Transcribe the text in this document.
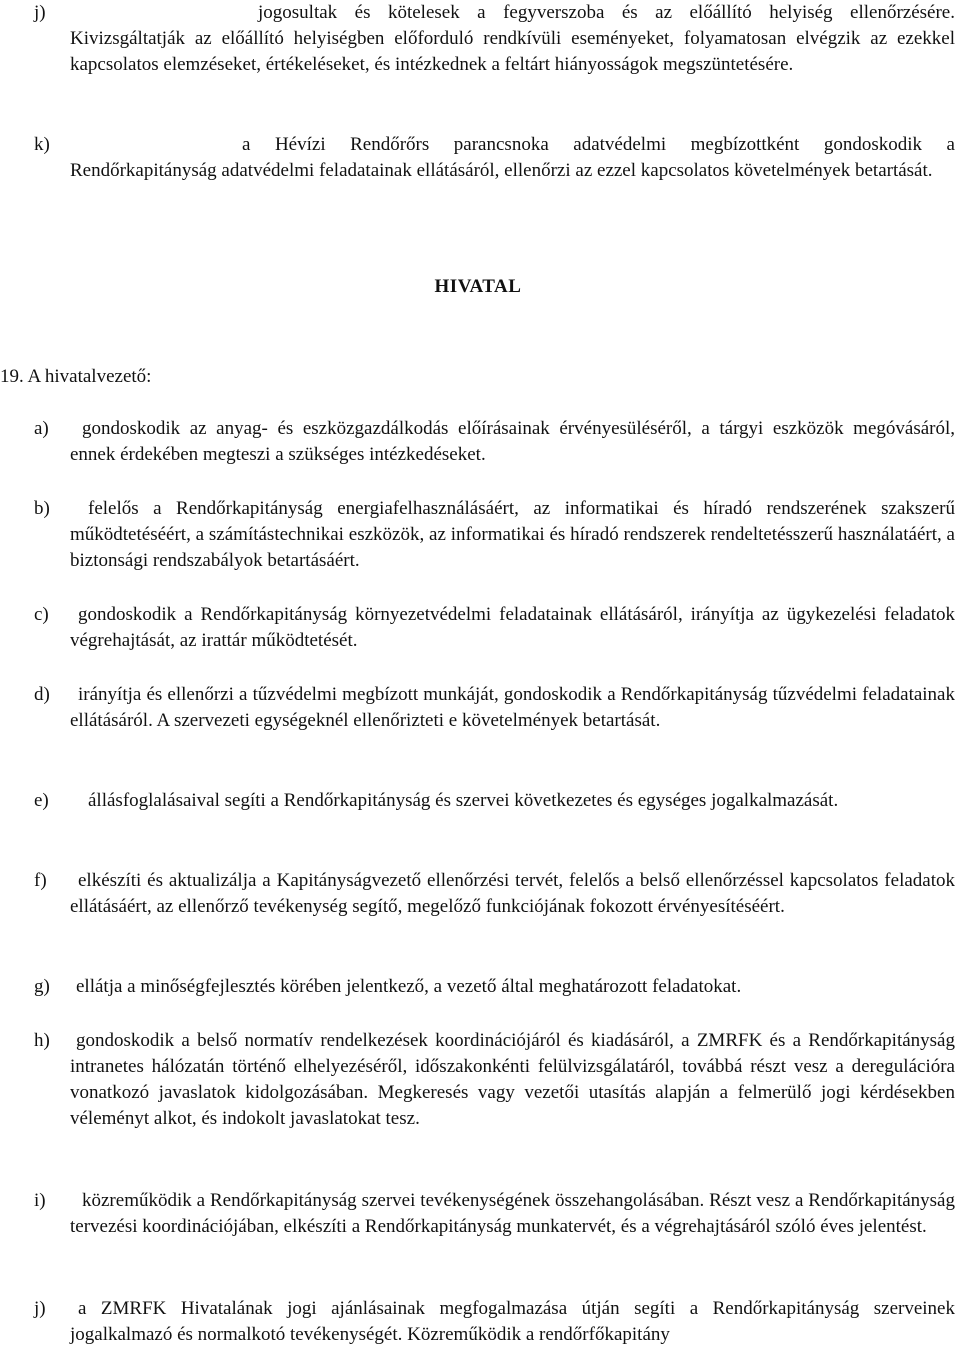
j)	jogosultak és kötelesek a fegyverszoba és az előállító helyiség ellenőrzésére. Kivizsgáltatják az előállító helyiségben előforduló rendkívüli eseményeket, folyamatosan elvégzik az ezekkel kapcsolatos elemzéseket, értékeléseket, és intézkednek a feltárt hiányosságok megszüntetésére.

k)	a Hévízi Rendőrőrs parancsnoka adatvédelmi megbízottként gondoskodik a Rendőrkapitányság adatvédelmi feladatainak ellátásáról, ellenőrzi az ezzel kapcsolatos követelmények betartását.

HIVATAL
19. A hivatalvezető:
a)	gondoskodik az anyag- és eszközgazdálkodás előírásainak érvényesüléséről, a tárgyi eszközök megóvásáról, ennek érdekében megteszi a szükséges intézkedéseket.

b)	felelős a Rendőrkapitányság energiafelhasználásáért, az informatikai és híradó rendszerének szakszerű működtetéséért, a számítástechnikai eszközök, az informatikai és híradó rendszerek rendeltetésszerű használatáért, a biztonsági rendszabályok betartásáért.

c)	gondoskodik a Rendőrkapitányság környezetvédelmi feladatainak ellátásáról, irányítja az ügykezelési feladatok végrehajtását, az irattár működtetését.

d)	irányítja és ellenőrzi a tűzvédelmi megbízott munkáját, gondoskodik a Rendőrkapitányság tűzvédelmi feladatainak ellátásáról. A szervezeti egységeknél ellenőrizteti e követelmények betartását.

e)	állásfoglalásaival segíti a Rendőrkapitányság és szervei következetes és egységes jogalkalmazását.

f)	elkészíti és aktualizálja a Kapitányságvezető ellenőrzési tervét, felelős a belső ellenőrzéssel kapcsolatos feladatok ellátásáért, az ellenőrző tevékenység segítő, megelőző funkciójának fokozott érvényesítéséért.

g)	ellátja a minőségfejlesztés körében jelentkező, a vezető által meghatározott feladatokat.

h)	gondoskodik a belső normatív rendelkezések koordinációjáról és kiadásáról, a ZMRFK és a Rendőrkapitányság intranetes hálózatán történő elhelyezéséről, időszakonkénti felülvizsgálatáról, továbbá részt vesz a deregulációra vonatkozó javaslatok kidolgozásában. Megkeresés vagy vezetői utasítás alapján a felmerülő jogi kérdésekben véleményt alkot, és indokolt javaslatokat tesz.

i)	közreműködik a Rendőrkapitányság szervei tevékenységének összehangolásában. Részt vesz a Rendőrkapitányság tervezési koordinációjában, elkészíti a Rendőrkapitányság munkatervét, és a végrehajtásáról szóló éves jelentést.

j)	a ZMRFK Hivatalának jogi ajánlásainak megfogalmazása útján segíti a Rendőrkapitányság szerveinek jogalkalmazó és normalkotó tevékenységét. Közreműködik a rendőrfőkapitány
